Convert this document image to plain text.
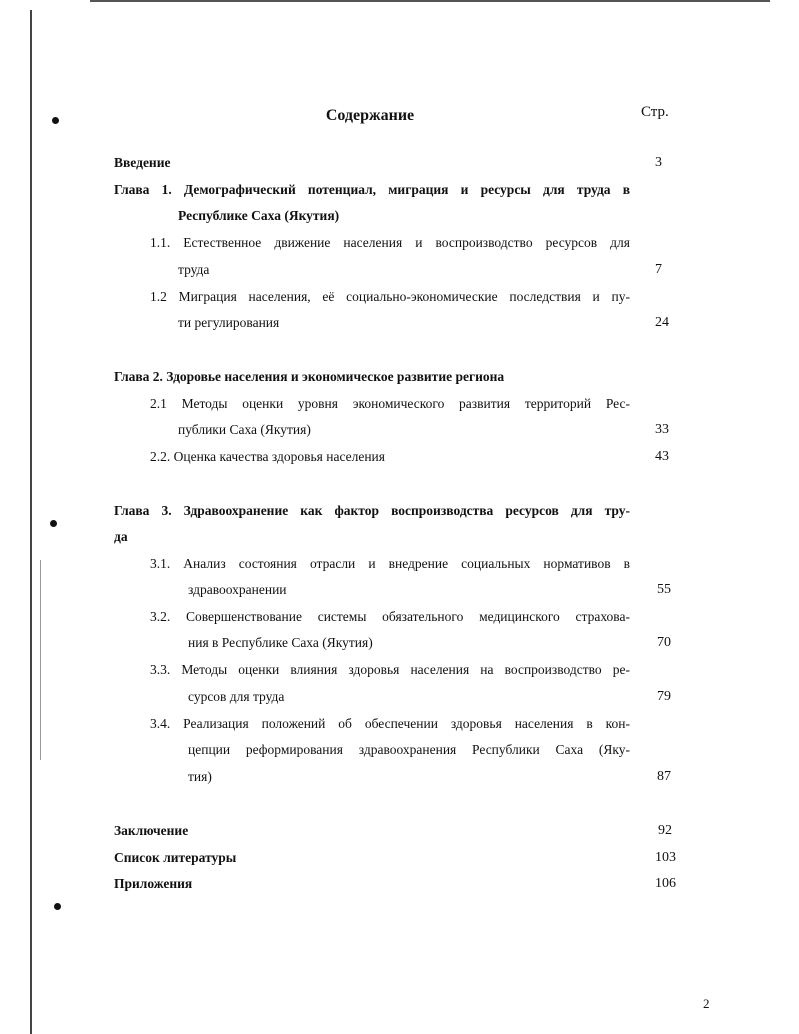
Содержание	Стр.
Введение	3
Глава 1. Демографический потенциал, миграция и ресурсы для труда в
Республике Саха (Якутия)
1.1. Естественное движение населения и воспроизводство ресурсов для
труда	7
1.2 Миграция населения, её социально-экономические последствия и пу-
ти регулирования	24
Глава 2. Здоровье населения и экономическое развитие региона
2.1 Методы оценки уровня экономического развития территорий Рес-
публики Саха (Якутия)	33
2.2. Оценка качества здоровья населения	43
Глава 3. Здравоохранение как фактор воспроизводства ресурсов для тру-
да
3.1. Анализ состояния отрасли и внедрение социальных нормативов в
здравоохранении	55
3.2. Совершенствование системы обязательного медицинского страхова-
ния в Республике Саха (Якутия)	70
3.3. Методы оценки влияния здоровья населения на воспроизводство ре-
сурсов для труда	79
3.4. Реализация положений об обеспечении здоровья населения в кон-
цепции реформирования здравоохранения Республики Саха (Яку-
тия)	87
Заключение	92
Список литературы	103
Приложения	106
2
